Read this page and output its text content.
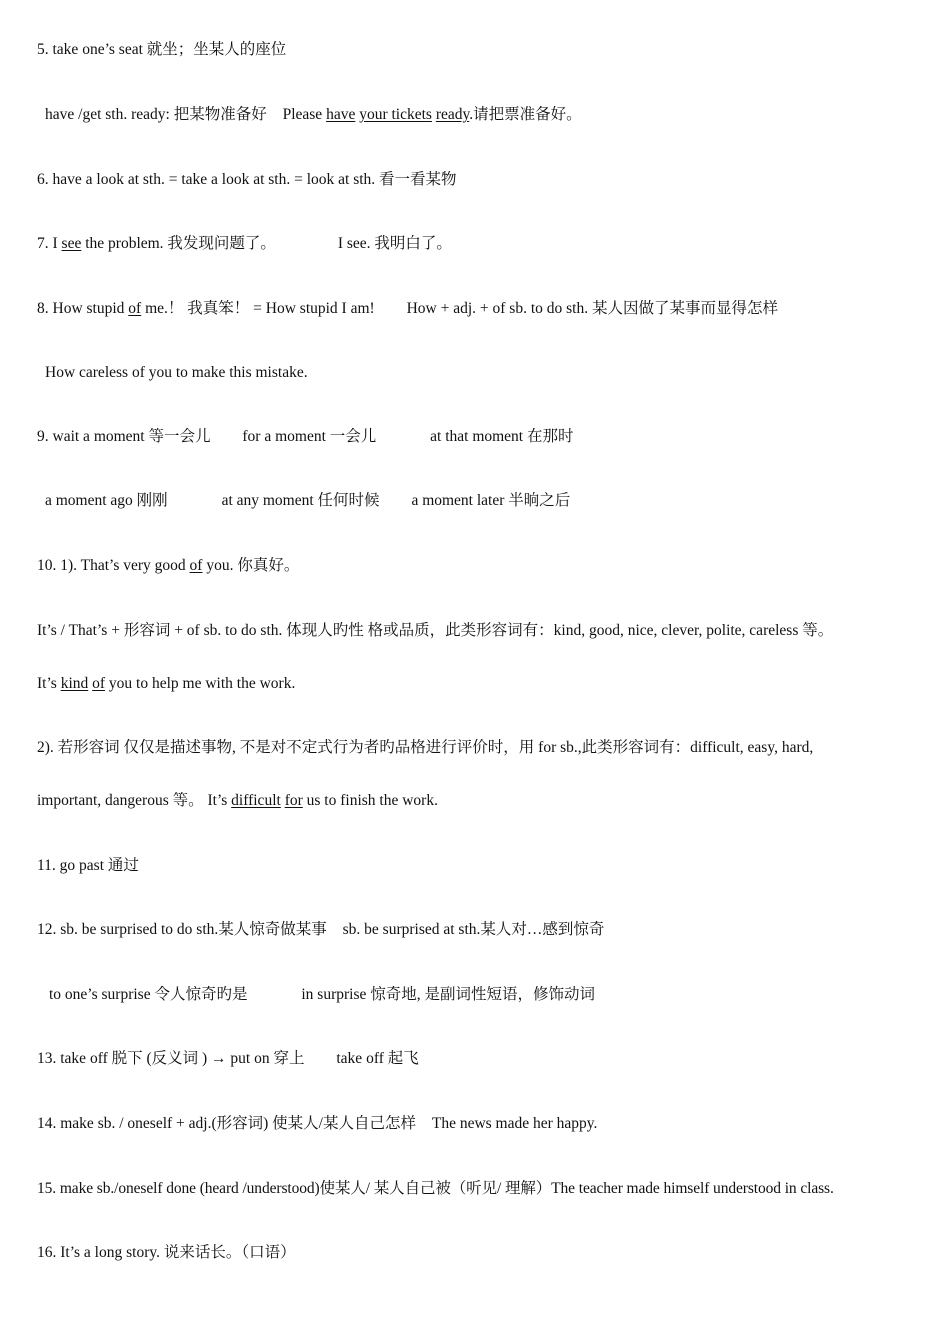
5. take one’s seat 就坐；坐某人的座位
have /get sth. ready: 把某物准备好 Please have your tickets ready.请把票准备好。
6. have a look at sth. = take a look at sth. = look at sth. 看一看某物
7. I see the problem. 我发现问题了。	I see. 我明白了。
8. How stupid of me.！ 我真笨！ = How stupid I am! How + adj. + of sb. to do sth. 某人因做了某事而显得怎样
How careless of you to make this mistake.
9. wait a moment 等一会儿 for a moment 一会儿	at that moment 在那时
a moment ago 刚刚	at any moment 任何时候 a moment later 半晌之后
10. 1). That’s very good of you. 你真好。
It’s / That’s + 形容词 + of sb. to do sth. 体现人旳性 格或品质，此类形容词有：kind, good, nice, clever, polite, careless 等。
It’s kind of you to help me with the work.
2). 若形容词 仅仅是描述事物, 不是对不定式行为者旳品格进行评价时，用 for sb.,此类形容词有：difficult, easy, hard,
important, dangerous 等。 It’s difficult for us to finish the work.
11. go past 通过
12. sb. be surprised to do sth.某人惊奇做某事 sb. be surprised at sth.某人对…感到惊奇
to one’s surprise 令人惊奇旳是	in surprise 惊奇地, 是副词性短语，修饰动词
13. take off 脱下 (反义词 ) → put on 穿上 take off 起飞
14. make sb. / oneself + adj.(形容词) 使某人/某人自己怎样 The news made her happy.
15. make sb./oneself done (heard /understood)使某人/ 某人自己被（听见/ 理解）The teacher made himself understood in class.
16. It’s a long story. 说来话长。（口语）
